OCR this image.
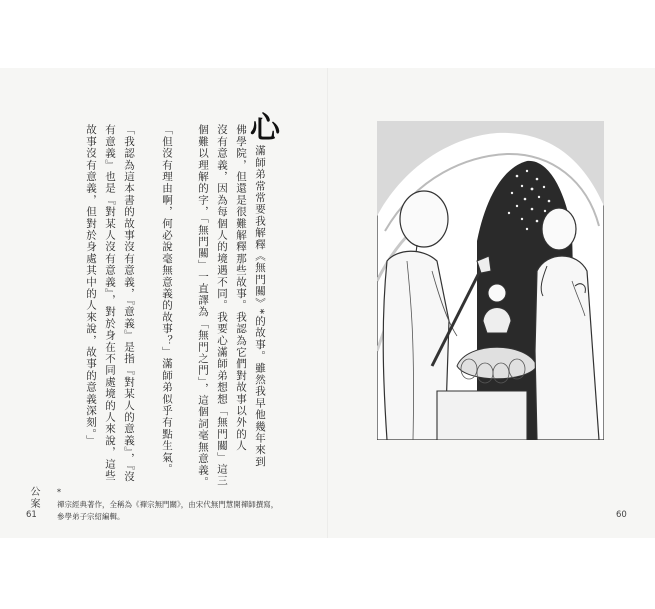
心
滿師弟常常要我解釋《無門關》*的故事。雖然我早他幾年來到
佛學院，但還是很難解釋那些故事。我認為它們對故事以外的人
沒有意義，因為每個人的境遇不同。我要心滿師弟想想「無門關」這三
個難以理解的字，「無門關」一直譯為「無門之門」，這個詞毫無意義。
「但沒有理由啊，何必說毫無意義的故事？」滿師弟似乎有點生氣。
「我認為這本書的故事沒有意義，『意義』是指『對某人的意義』，『沒
有意義』也是『對某人沒有意義』，對於身在不同處境的人來說，這些
故事沒有意義，但對於身處其中的人來說，故事的意義深刻。」
公案 *
禪宗經典著作，全稱為《禪宗無門關》，由宋代無門慧開禪師撰寫，
參學弟子宗紹編輯。
61	60
